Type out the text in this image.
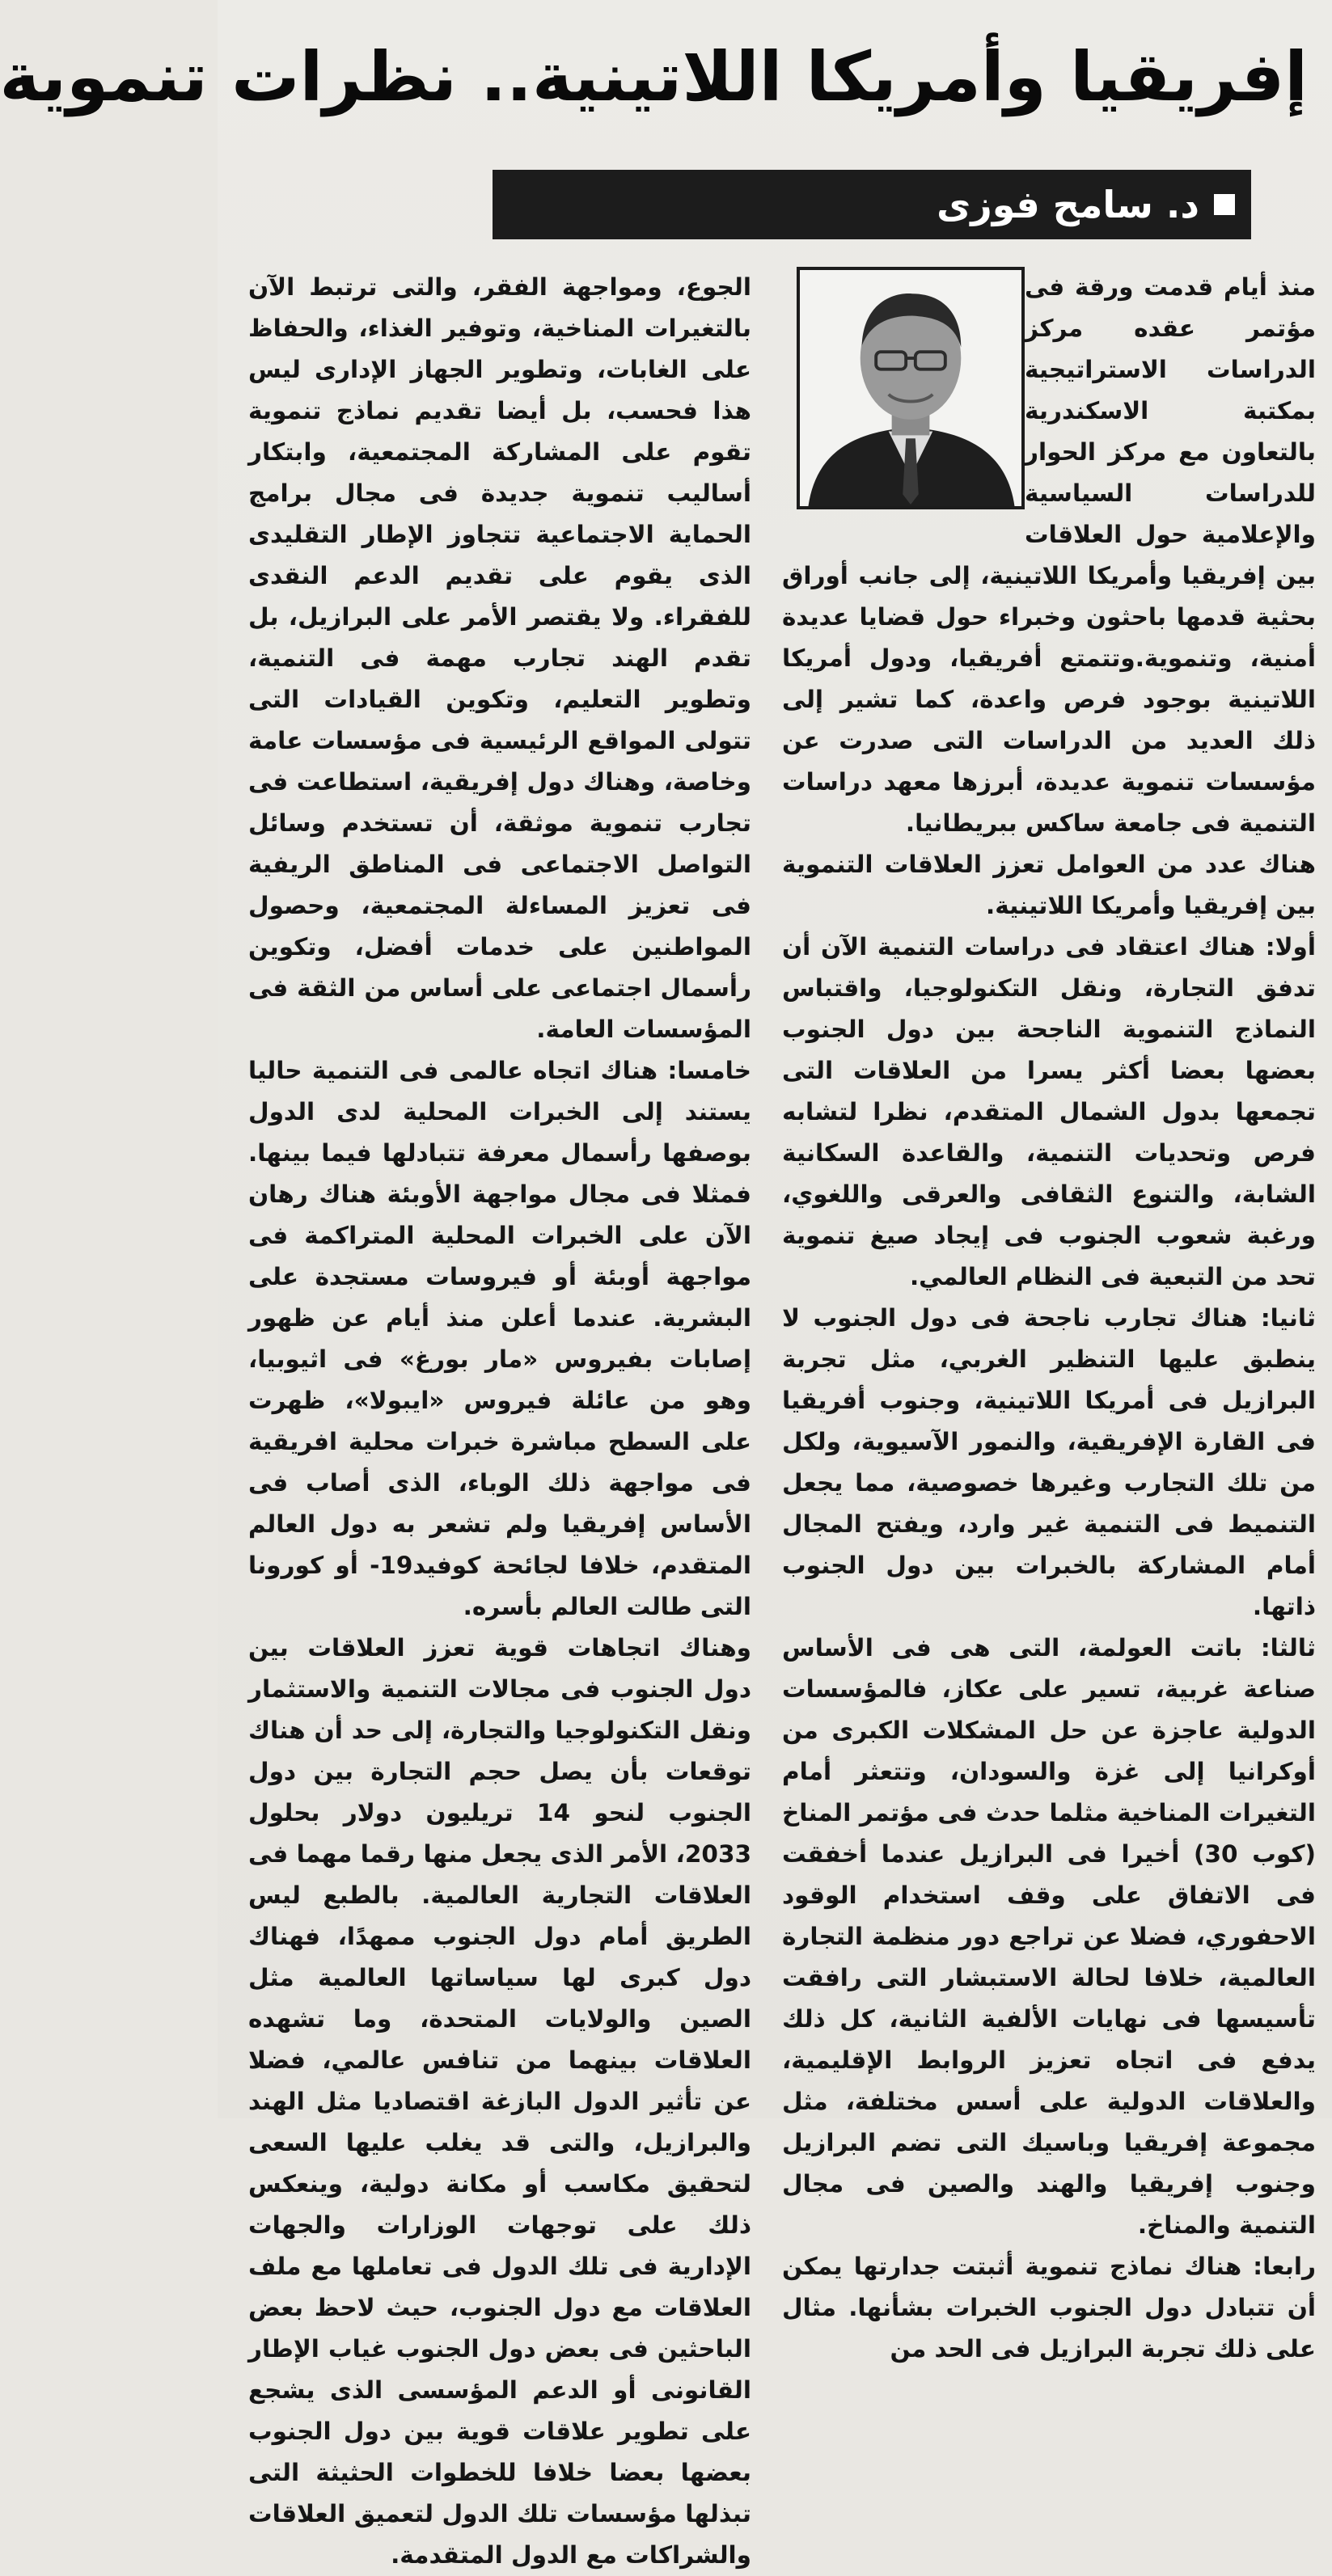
إفريقيا وأمريكا اللاتينية.. نظرات تنموية
د. سامح فوزى

منذ أيام قدمت ورقة فى مؤتمر عقده مركز الدراسات الاستراتيجية بمكتبة الاسكندرية بالتعاون مع مركز الحوار للدراسات السياسية والإعلامية حول العلاقات بين إفريقيا وأمريكا اللاتينية، إلى جانب أوراق بحثية قدمها باحثون وخبراء حول قضايا عديدة أمنية، وتنموية.وتتمتع أفريقيا، ودول أمريكا اللاتينية بوجود فرص واعدة، كما تشير إلى ذلك العديد من الدراسات التى صدرت عن مؤسسات تنموية عديدة، أبرزها معهد دراسات التنمية فى جامعة ساكس ببريطانيا.

هناك عدد من العوامل تعزز العلاقات التنموية بين إفريقيا وأمريكا اللاتينية.

أولا: هناك اعتقاد فى دراسات التنمية الآن أن تدفق التجارة، ونقل التكنولوجيا، واقتباس النماذج التنموية الناجحة بين دول الجنوب بعضها بعضا أكثر يسرا من العلاقات التى تجمعها بدول الشمال المتقدم، نظرا لتشابه فرص وتحديات التنمية، والقاعدة السكانية الشابة، والتنوع الثقافى والعرقى واللغوي، ورغبة شعوب الجنوب فى إيجاد صيغ تنموية تحد من التبعية فى النظام العالمي.

ثانيا: هناك تجارب ناجحة فى دول الجنوب لا ينطبق عليها التنظير الغربي، مثل تجربة البرازيل فى أمريكا اللاتينية، وجنوب أفريقيا فى القارة الإفريقية، والنمور الآسيوية، ولكل من تلك التجارب وغيرها خصوصية، مما يجعل التنميط فى التنمية غير وارد، ويفتح المجال أمام المشاركة بالخبرات بين دول الجنوب ذاتها.

ثالثا: باتت العولمة، التى هى فى الأساس صناعة غربية، تسير على عكاز، فالمؤسسات الدولية عاجزة عن حل المشكلات الكبرى من أوكرانيا إلى غزة والسودان، وتتعثر أمام التغيرات المناخية مثلما حدث فى مؤتمر المناخ (كوب 30) أخيرا فى البرازيل عندما أخفقت فى الاتفاق على وقف استخدام الوقود الاحفوري، فضلا عن تراجع دور منظمة التجارة العالمية، خلافا لحالة الاستبشار التى رافقت تأسيسها فى نهايات الألفية الثانية، كل ذلك يدفع فى اتجاه تعزيز الروابط الإقليمية، والعلاقات الدولية على أسس مختلفة، مثل مجموعة إفريقيا وباسيك التى تضم البرازيل وجنوب إفريقيا والهند والصين فى مجال التنمية والمناخ.

رابعا: هناك نماذج تنموية أثبتت جدارتها يمكن أن تتبادل دول الجنوب الخبرات بشأنها. مثال على ذلك تجربة البرازيل فى الحد من

الجوع، ومواجهة الفقر، والتى ترتبط الآن بالتغيرات المناخية، وتوفير الغذاء، والحفاظ على الغابات، وتطوير الجهاز الإدارى ليس هذا فحسب، بل أيضا تقديم نماذج تنموية تقوم على المشاركة المجتمعية، وابتكار أساليب تنموية جديدة فى مجال برامج الحماية الاجتماعية تتجاوز الإطار التقليدى الذى يقوم على تقديم الدعم النقدى للفقراء. ولا يقتصر الأمر على البرازيل، بل تقدم الهند تجارب مهمة فى التنمية، وتطوير التعليم، وتكوين القيادات التى تتولى المواقع الرئيسية فى مؤسسات عامة وخاصة، وهناك دول إفريقية، استطاعت فى تجارب تنموية موثقة، أن تستخدم وسائل التواصل الاجتماعى فى المناطق الريفية فى تعزيز المساءلة المجتمعية، وحصول المواطنين على خدمات أفضل، وتكوين رأسمال اجتماعى على أساس من الثقة فى المؤسسات العامة.

خامسا: هناك اتجاه عالمى فى التنمية حاليا يستند إلى الخبرات المحلية لدى الدول بوصفها رأسمال معرفة تتبادلها فيما بينها. فمثلا فى مجال مواجهة الأوبئة هناك رهان الآن على الخبرات المحلية المتراكمة فى مواجهة أوبئة أو فيروسات مستجدة على البشرية. عندما أعلن منذ أيام عن ظهور إصابات بفيروس «مار بورغ» فى اثيوبيا، وهو من عائلة فيروس «ايبولا»، ظهرت على السطح مباشرة خبرات محلية افريقية فى مواجهة ذلك الوباء، الذى أصاب فى الأساس إفريقيا ولم تشعر به دول العالم المتقدم، خلافا لجائحة كوفيد19- أو كورونا التى طالت العالم بأسره.

وهناك اتجاهات قوية تعزز العلاقات بين دول الجنوب فى مجالات التنمية والاستثمار ونقل التكنولوجيا والتجارة، إلى حد أن هناك توقعات بأن يصل حجم التجارة بين دول الجنوب لنحو 14 تريليون دولار بحلول 2033، الأمر الذى يجعل منها رقما مهما فى العلاقات التجارية العالمية. بالطبع ليس الطريق أمام دول الجنوب ممهدًا، فهناك دول كبرى لها سياساتها العالمية مثل الصين والولايات المتحدة، وما تشهده العلاقات بينهما من تنافس عالمي، فضلا عن تأثير الدول البازغة اقتصاديا مثل الهند والبرازيل، والتى قد يغلب عليها السعى لتحقيق مكاسب أو مكانة دولية، وينعكس ذلك على توجهات الوزارات والجهات الإدارية فى تلك الدول فى تعاملها مع ملف العلاقات مع دول الجنوب، حيث لاحظ بعض الباحثين فى بعض دول الجنوب غياب الإطار القانونى أو الدعم المؤسسى الذى يشجع على تطوير علاقات قوية بين دول الجنوب بعضها بعضا خلافا للخطوات الحثيثة التى تبذلها مؤسسات تلك الدول لتعميق العلاقات والشراكات مع الدول المتقدمة.
